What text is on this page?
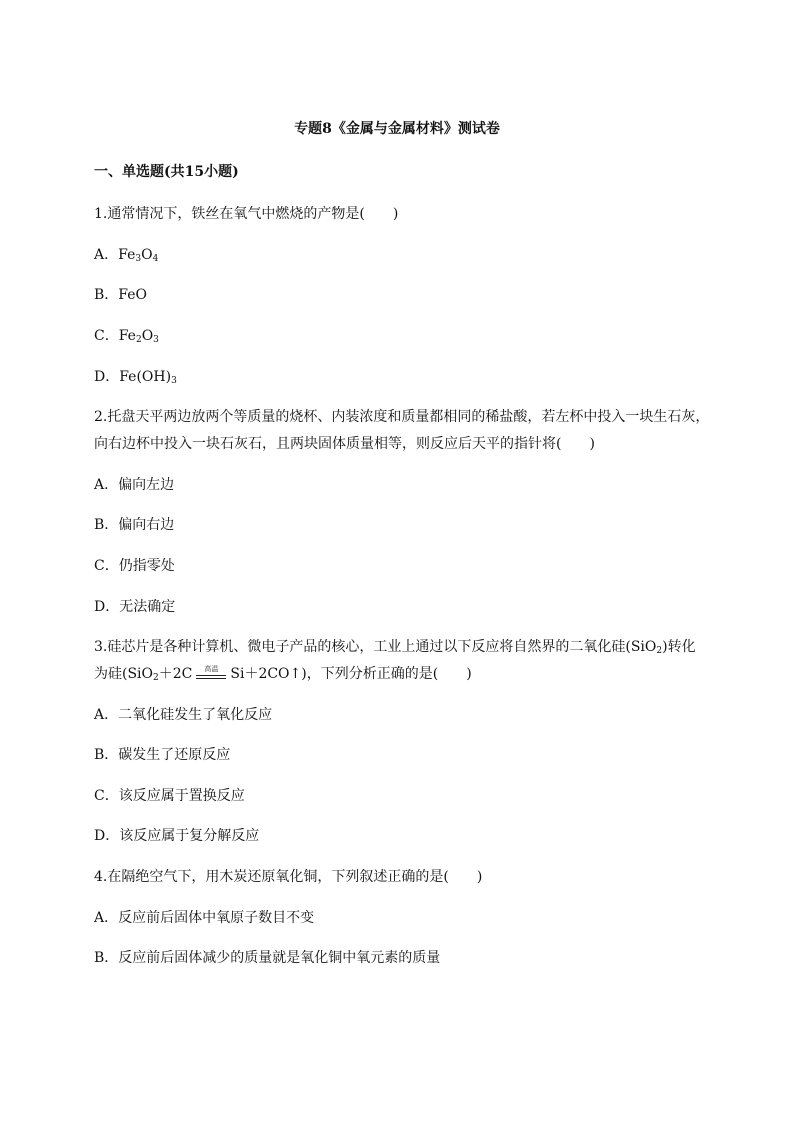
专题8《金属与金属材料》测试卷
一、单选题(共15小题)
1.通常情况下，铁丝在氧气中燃烧的产物是(　　)
A．$Fe_3O_4$
B．FeO
C．$Fe_2O_3$
D．$Fe(OH)_3$
2.托盘天平两边放两个等质量的烧杯、内装浓度和质量都相同的稀盐酸，若左杯中投入一块生石灰，
向右边杯中投入一块石灰石，且两块固体质量相等，则反应后天平的指针将(　　)
A．偏向左边
B．偏向右边
C．仍指零处
D．无法确定
3.硅芯片是各种计算机、微电子产品的核心，工业上通过以下反应将自然界的二氧化硅(SiO$_2$)转化
为硅(SiO$_2$＋2C	高温 Si＋2CO↑)，下列分析正确的是(　　)
A．二氧化硅发生了氧化反应
B．碳发生了还原反应
C．该反应属于置换反应
D．该反应属于复分解反应
4.在隔绝空气下，用木炭还原氧化铜，下列叙述正确的是(　　)
A．反应前后固体中氧原子数目不变
B．反应前后固体减少的质量就是氧化铜中氧元素的质量
